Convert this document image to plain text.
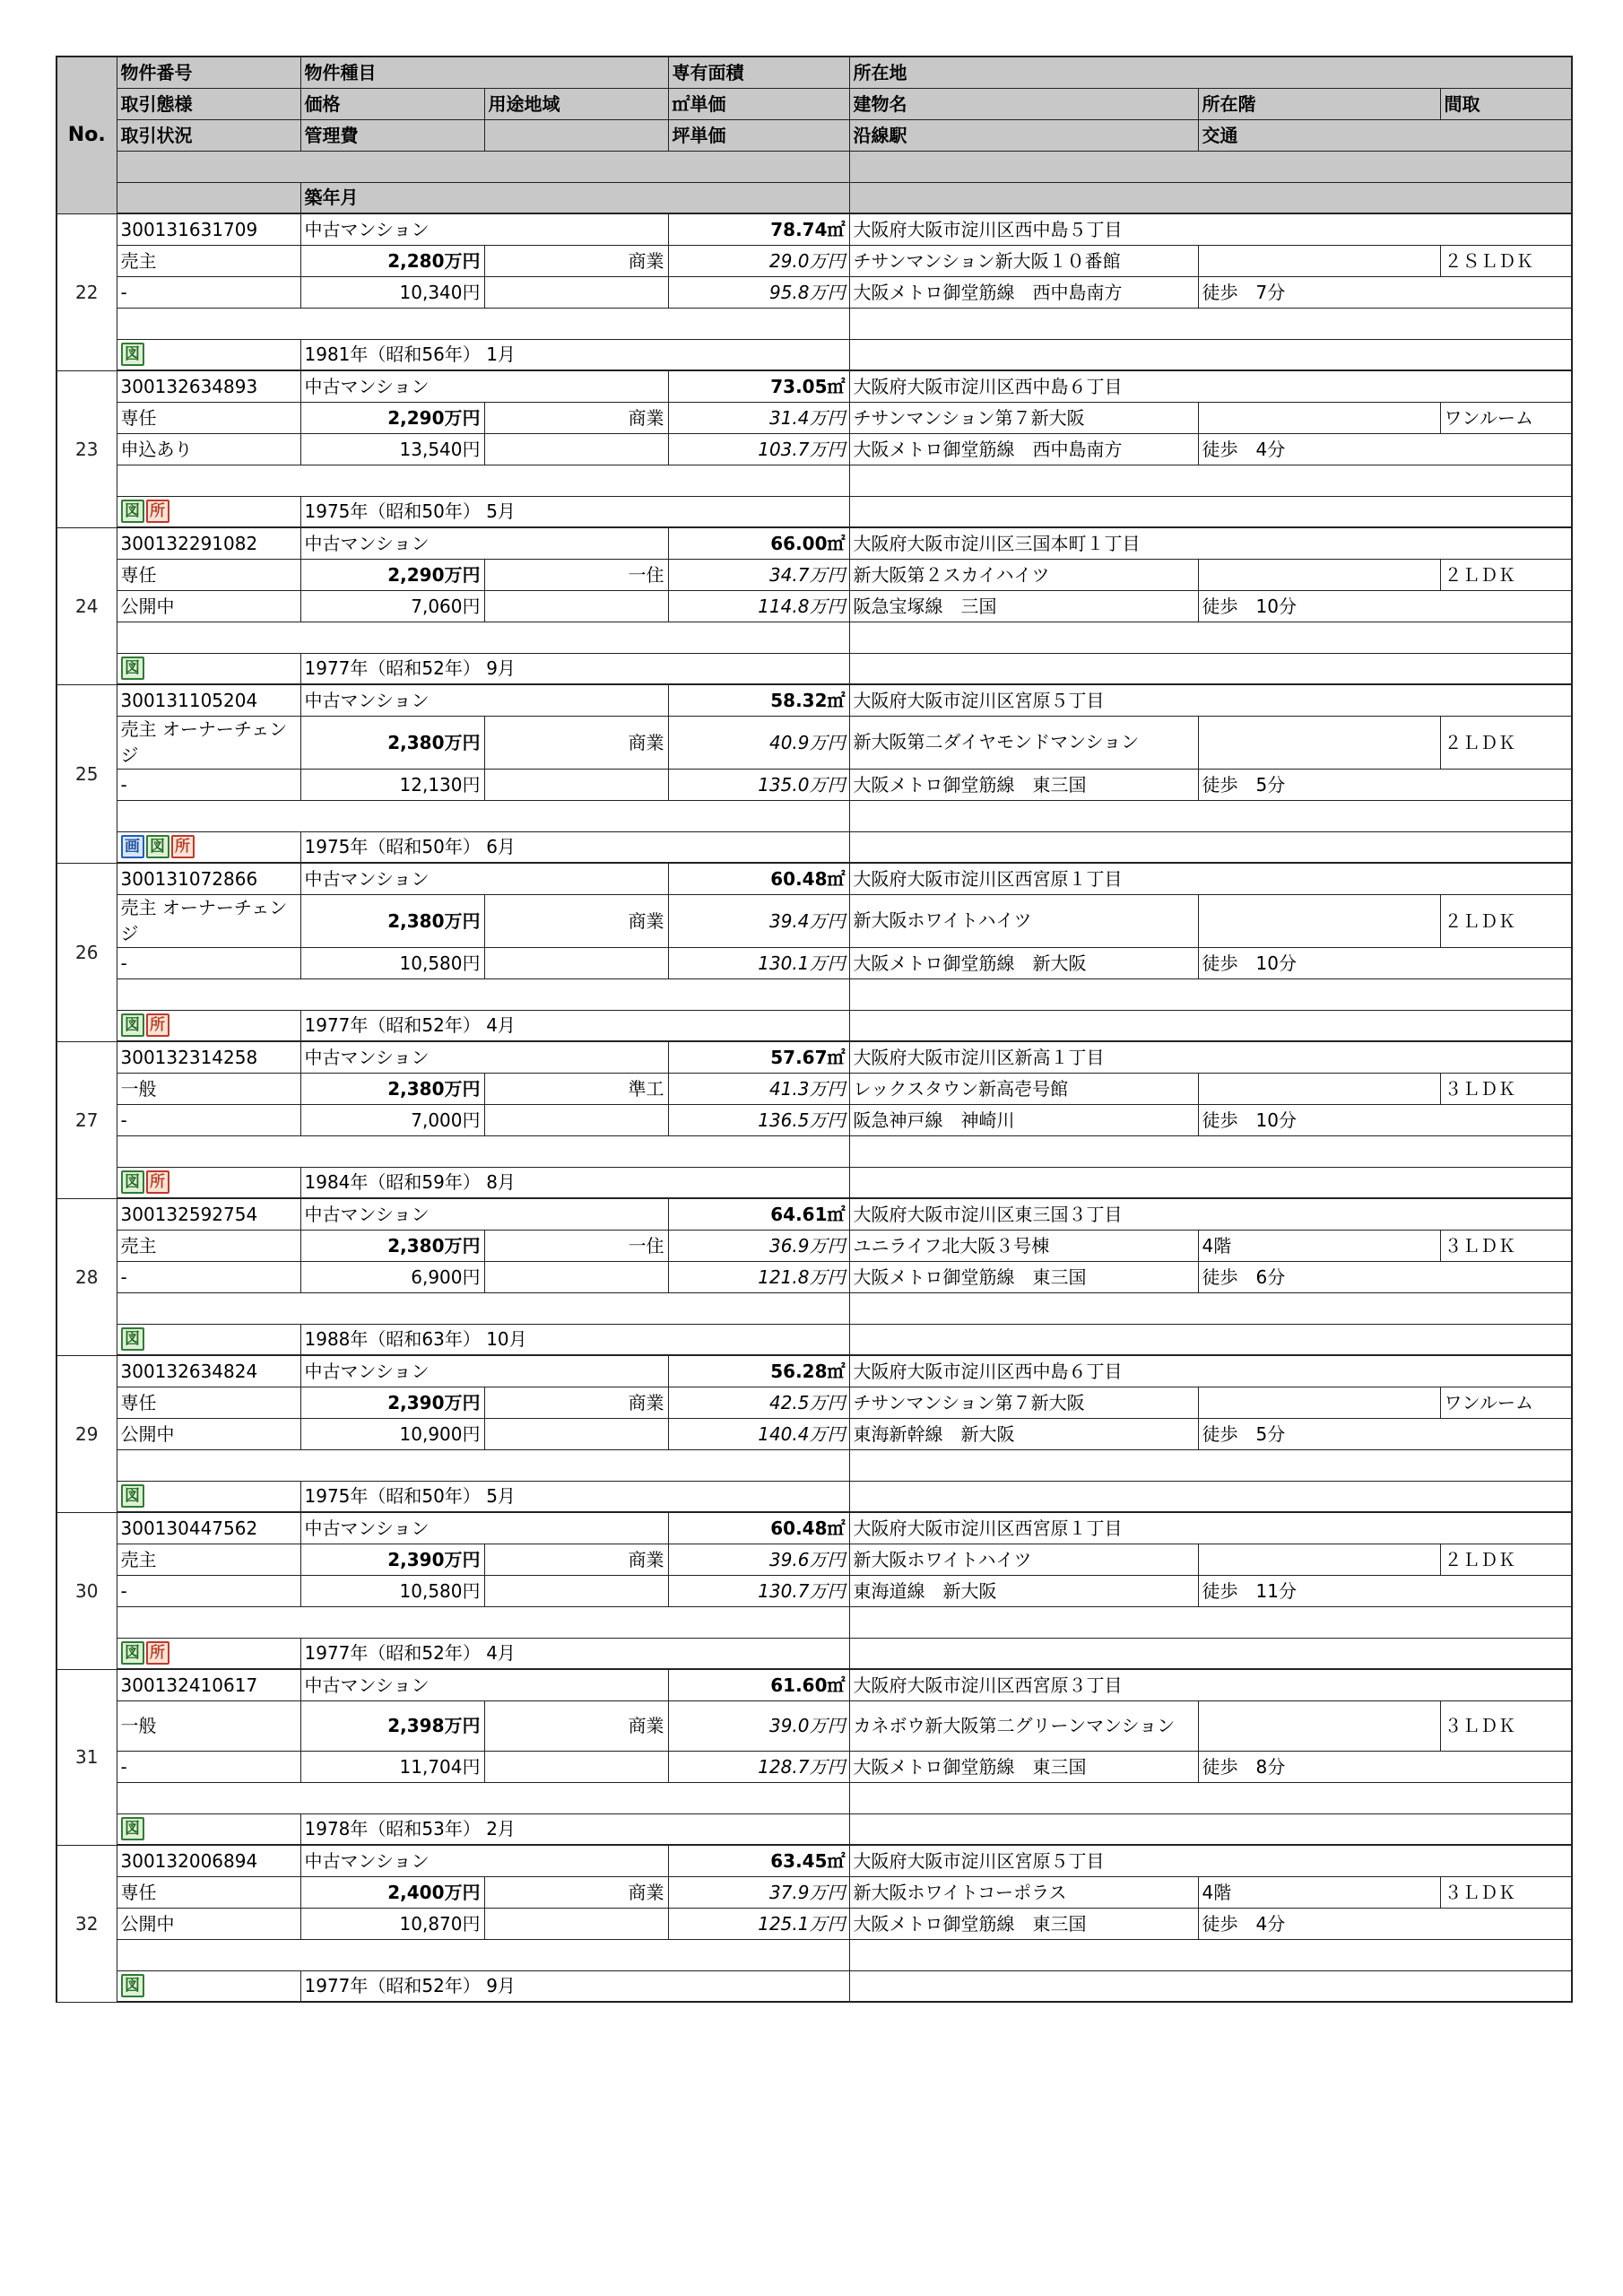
No.	物件番号	物件種目		専有面積	所在地		
	取引態様	価格	用途地域	㎡単価	建物名	所在階	間取
	取引状況	管理費		坪単価	沿線駅	交通	

		築年月					
22	300131631709	中古マンション		78.74㎡	大阪府大阪市淀川区西中島５丁目		
	売主	2,280万円	商業	29.0万円	チサンマンション新大阪１０番館		２ＳＬＤＫ
	-	10,340円		95.8万円	大阪メトロ御堂筋線　西中島南方	徒歩　7分	

	図	1981年（昭和56年） 1月					
23	300132634893	中古マンション		73.05㎡	大阪府大阪市淀川区西中島６丁目		
	専任	2,290万円	商業	31.4万円	チサンマンション第７新大阪		ワンルーム
	申込あり	13,540円		103.7万円	大阪メトロ御堂筋線　西中島南方	徒歩　4分	

	図 所	1975年（昭和50年） 5月					
24	300132291082	中古マンション		66.00㎡	大阪府大阪市淀川区三国本町１丁目		
	専任	2,290万円	一住	34.7万円	新大阪第２スカイハイツ		２ＬＤＫ
	公開中	7,060円		114.8万円	阪急宝塚線　三国	徒歩　10分	

	図	1977年（昭和52年） 9月					
25	300131105204	中古マンション		58.32㎡	大阪府大阪市淀川区宮原５丁目		
	売主 オーナーチェンジ	2,380万円	商業	40.9万円	新大阪第二ダイヤモンドマンション		２ＬＤＫ
	-	12,130円		135.0万円	大阪メトロ御堂筋線　東三国	徒歩　5分	

	画 図 所	1975年（昭和50年） 6月					
26	300131072866	中古マンション		60.48㎡	大阪府大阪市淀川区西宮原１丁目		
	売主 オーナーチェンジ	2,380万円	商業	39.4万円	新大阪ホワイトハイツ		２ＬＤＫ
	-	10,580円		130.1万円	大阪メトロ御堂筋線　新大阪	徒歩　10分	

	図 所	1977年（昭和52年） 4月					
27	300132314258	中古マンション		57.67㎡	大阪府大阪市淀川区新高１丁目		
	一般	2,380万円	準工	41.3万円	レックスタウン新高壱号館		３ＬＤＫ
	-	7,000円		136.5万円	阪急神戸線　神崎川	徒歩　10分	

	図 所	1984年（昭和59年） 8月					
28	300132592754	中古マンション		64.61㎡	大阪府大阪市淀川区東三国３丁目		
	売主	2,380万円	一住	36.9万円	ユニライフ北大阪３号棟	4階	３ＬＤＫ
	-	6,900円		121.8万円	大阪メトロ御堂筋線　東三国	徒歩　6分	

	図	1988年（昭和63年） 10月					
29	300132634824	中古マンション		56.28㎡	大阪府大阪市淀川区西中島６丁目		
	専任	2,390万円	商業	42.5万円	チサンマンション第７新大阪		ワンルーム
	公開中	10,900円		140.4万円	東海新幹線　新大阪	徒歩　5分	

	図	1975年（昭和50年） 5月					
30	300130447562	中古マンション		60.48㎡	大阪府大阪市淀川区西宮原１丁目		
	売主	2,390万円	商業	39.6万円	新大阪ホワイトハイツ		２ＬＤＫ
	-	10,580円		130.7万円	東海道線　新大阪	徒歩　11分	

	図 所	1977年（昭和52年） 4月					
31	300132410617	中古マンション		61.60㎡	大阪府大阪市淀川区西宮原３丁目		
	一般	2,398万円	商業	39.0万円	カネボウ新大阪第二グリーンマンション		３ＬＤＫ
	-	11,704円		128.7万円	大阪メトロ御堂筋線　東三国	徒歩　8分	

	図	1978年（昭和53年） 2月					
32	300132006894	中古マンション		63.45㎡	大阪府大阪市淀川区宮原５丁目		
	専任	2,400万円	商業	37.9万円	新大阪ホワイトコーポラス	4階	３ＬＤＫ
	公開中	10,870円		125.1万円	大阪メトロ御堂筋線　東三国	徒歩　4分	

	図	1977年（昭和52年） 9月					
